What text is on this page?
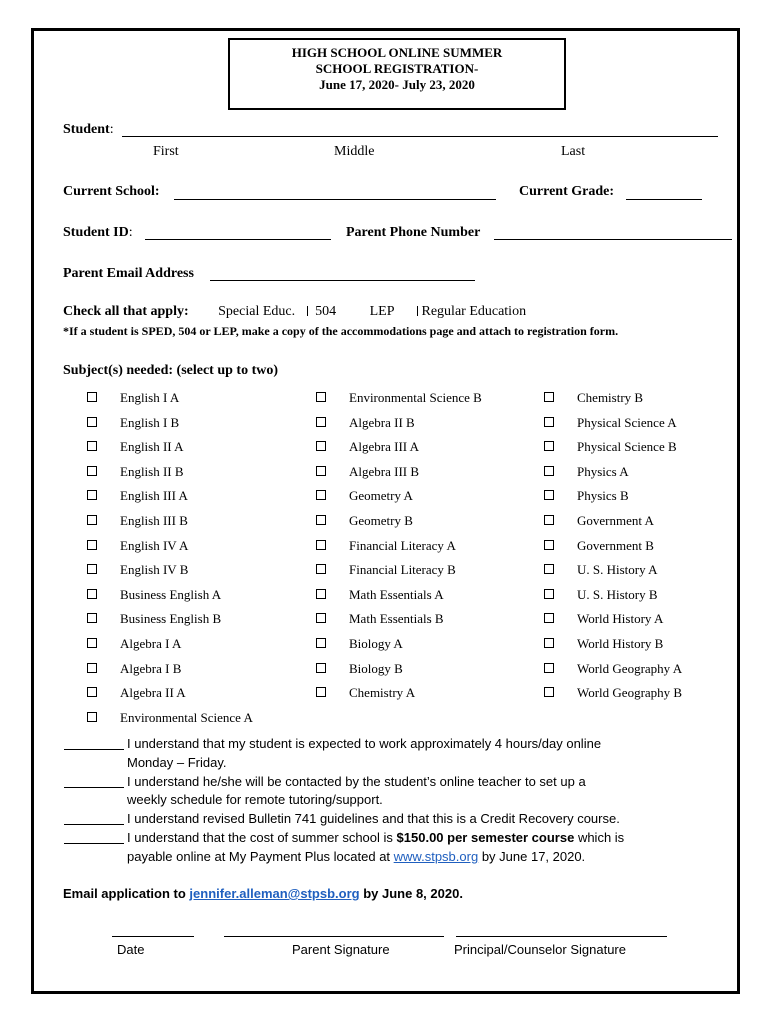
HIGH SCHOOL ONLINE SUMMER
SCHOOL REGISTRATION-
June 17, 2020- July 23, 2020
Student:
First	Middle	Last
Current School:	Current Grade:
Student ID:	Parent Phone Number
Parent Email Address
Check all that apply: Special Educ. 504 LEP Regular Education
*If a student is SPED, 504 or LEP, make a copy of the accommodations page and attach to registration form.
Subject(s) needed: (select up to two)
English I A
English I B
English II A
English II B
English III A
English III B
English IV A
English IV B
Business English A
Business English B
Algebra I A
Algebra I B
Algebra II A
Environmental Science A
Environmental Science B
Algebra II B
Algebra III A
Algebra III B
Geometry A
Geometry B
Financial Literacy A
Financial Literacy B
Math Essentials A
Math Essentials B
Biology A
Biology B
Chemistry A
Chemistry B
Physical Science A
Physical Science B
Physics A
Physics B
Government A
Government B
U. S. History A
U. S. History B
World History A
World History B
World Geography A
World Geography B
I understand that my student is expected to work approximately 4 hours/day online
Monday – Friday.
I understand he/she will be contacted by the student’s online teacher to set up a
weekly schedule for remote tutoring/support.
I understand revised Bulletin 741 guidelines and that this is a Credit Recovery course.
I understand that the cost of summer school is $150.00 per semester course which is
payable online at My Payment Plus located at www.stpsb.org by June 17, 2020.
Email application to jennifer.alleman@stpsb.org by June 8, 2020.
Date	Parent Signature	Principal/Counselor Signature
